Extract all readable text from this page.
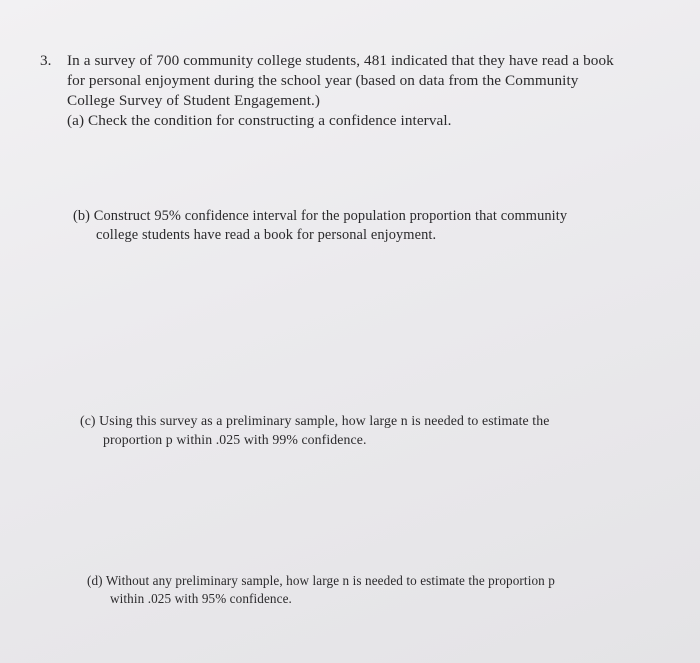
3. In a survey of 700 community college students, 481 indicated that they have read a book
for personal enjoyment during the school year (based on data from the Community
College Survey of Student Engagement.)
(a) Check the condition for constructing a confidence interval.
(b) Construct 95% confidence interval for the population proportion that community
college students have read a book for personal enjoyment.
(c) Using this survey as a preliminary sample, how large n is needed to estimate the
proportion p within .025 with 99% confidence.
(d) Without any preliminary sample, how large n is needed to estimate the proportion p
within .025 with 95% confidence.
